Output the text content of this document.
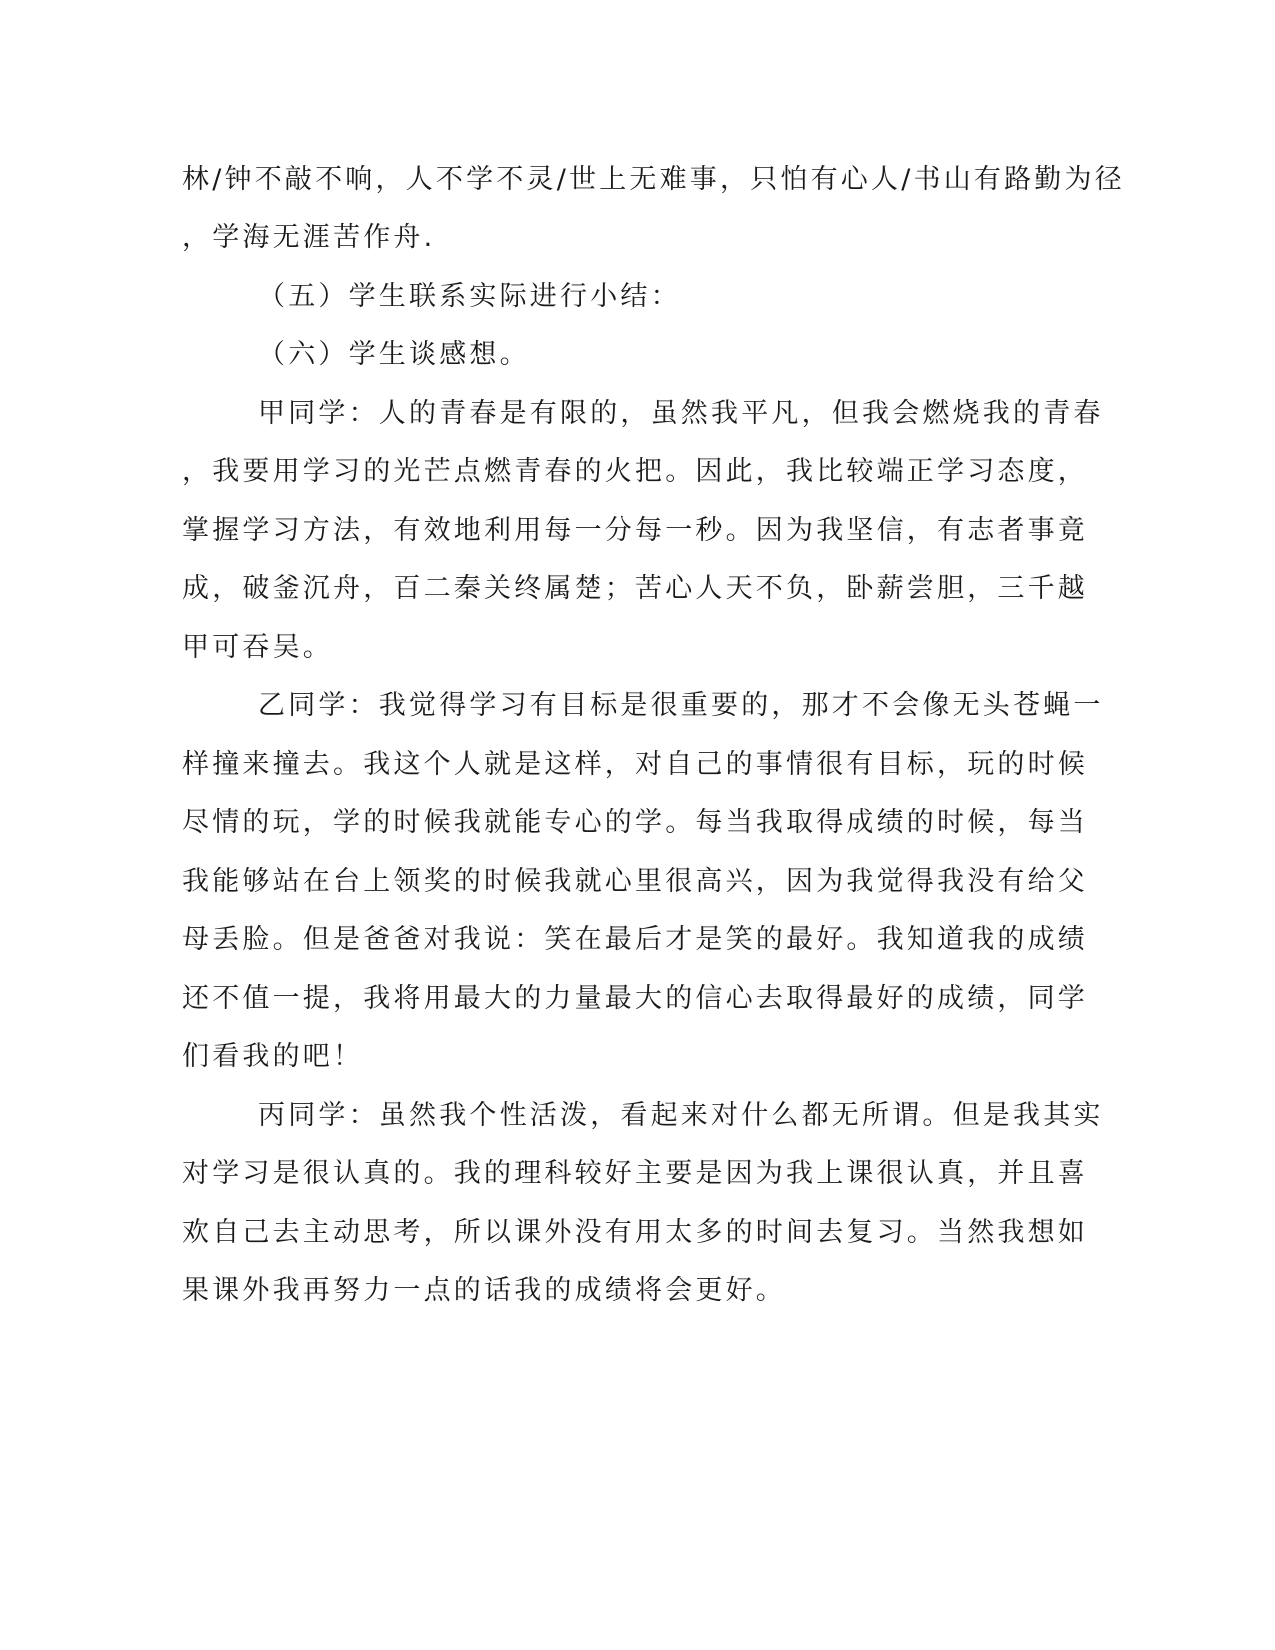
林/钟不敲不响，人不学不灵/世上无难事，只怕有心人/书山有路勤为径
，学海无涯苦作舟.
（五）学生联系实际进行小结：
（六）学生谈感想。
甲同学：人的青春是有限的，虽然我平凡，但我会燃烧我的青春
，我要用学习的光芒点燃青春的火把。因此，我比较端正学习态度，
掌握学习方法，有效地利用每一分每一秒。因为我坚信，有志者事竟
成，破釜沉舟，百二秦关终属楚；苦心人天不负，卧薪尝胆，三千越
甲可吞吴。
乙同学：我觉得学习有目标是很重要的，那才不会像无头苍蝇一
样撞来撞去。我这个人就是这样，对自己的事情很有目标，玩的时候
尽情的玩，学的时候我就能专心的学。每当我取得成绩的时候，每当
我能够站在台上领奖的时候我就心里很高兴，因为我觉得我没有给父
母丢脸。但是爸爸对我说：笑在最后才是笑的最好。我知道我的成绩
还不值一提，我将用最大的力量最大的信心去取得最好的成绩，同学
们看我的吧！
丙同学：虽然我个性活泼，看起来对什么都无所谓。但是我其实
对学习是很认真的。我的理科较好主要是因为我上课很认真，并且喜
欢自己去主动思考，所以课外没有用太多的时间去复习。当然我想如
果课外我再努力一点的话我的成绩将会更好。
